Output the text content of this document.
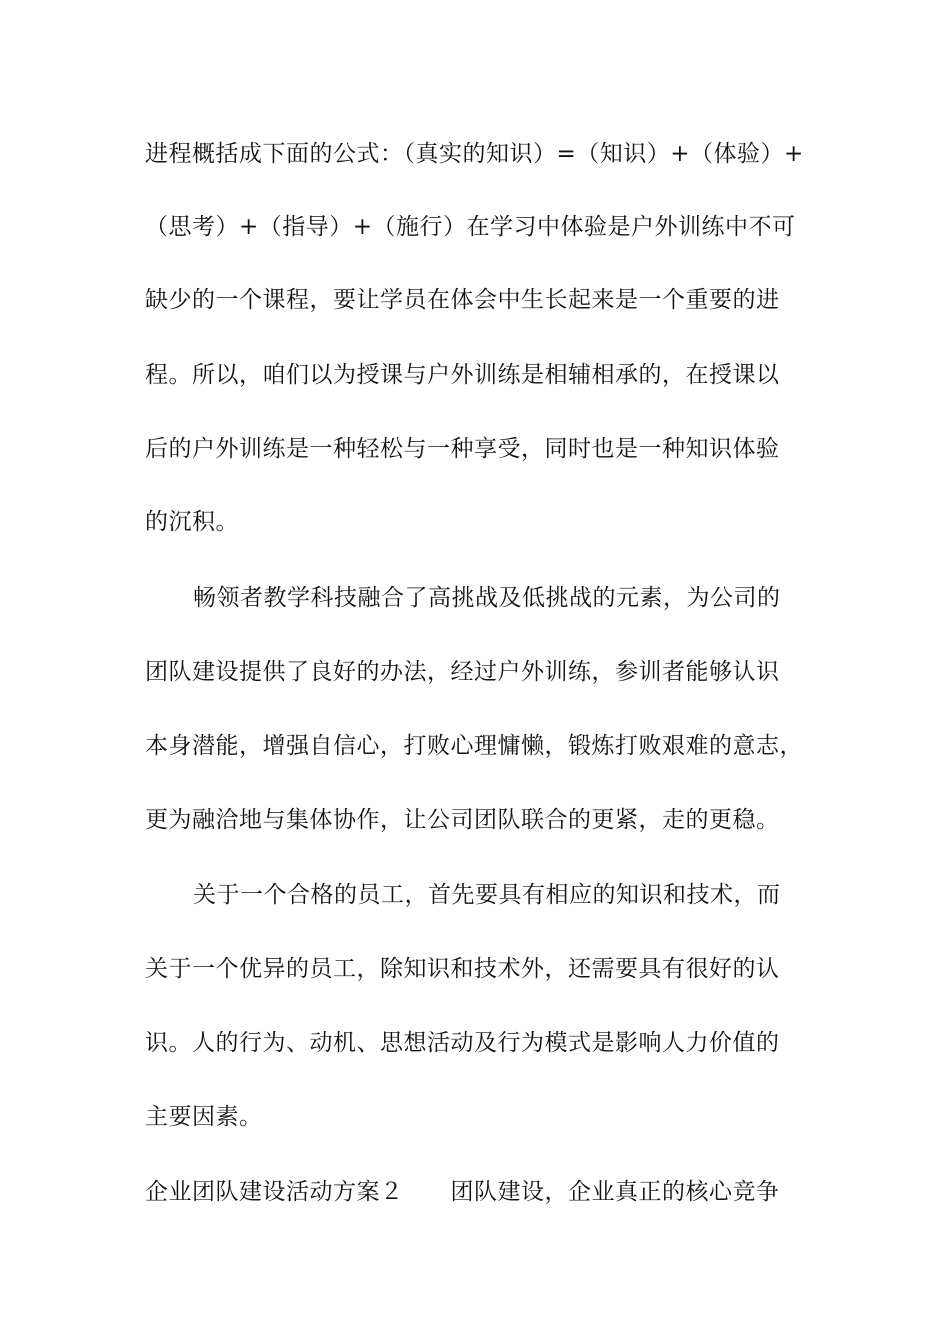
进程概括成下面的公式：（真实的知识）=（知识）+（体验）+
（思考）+（指导）+（施行）在学习中体验是户外训练中不可
缺少的一个课程，要让学员在体会中生长起来是一个重要的进
程。所以，咱们以为授课与户外训练是相辅相承的，在授课以
后的户外训练是一种轻松与一种享受，同时也是一种知识体验
的沉积。
畅领者教学科技融合了高挑战及低挑战的元素，为公司的
团队建设提供了良好的办法，经过户外训练，参训者能够认识
本身潜能，增强自信心，打败心理慵懒，锻炼打败艰难的意志，
更为融洽地与集体协作，让公司团队联合的更紧，走的更稳。
关于一个合格的员工，首先要具有相应的知识和技术，而
关于一个优异的员工，除知识和技术外，还需要具有很好的认
识。人的行为、动机、思想活动及行为模式是影响人力价值的
主要因素。
企业团队建设活动方案２　　团队建设，企业真正的核心竞争
